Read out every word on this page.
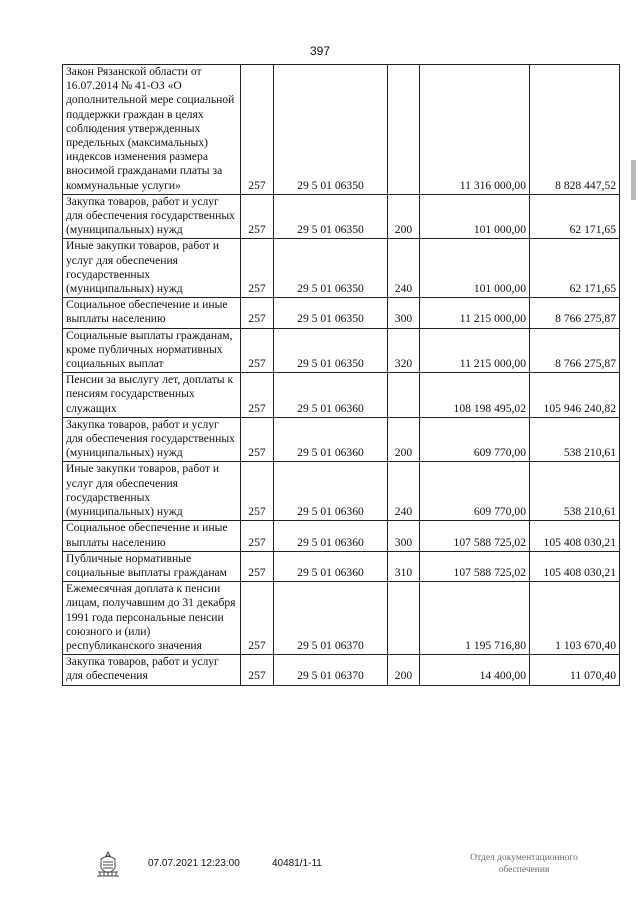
397
Закон Рязанской области от 16.07.2014 № 41-ОЗ «О дополнительной мере социальной поддержки граждан в целях соблюдения утвержденных предельных (максимальных) индексов изменения размера вносимой гражданами платы за коммунальные услуги»	257	29 5 01 06350		11 316 000,00	8 828 447,52
Закупка товаров, работ и услуг для обеспечения государственных (муниципальных) нужд	257	29 5 01 06350	200	101 000,00	62 171,65
Иные закупки товаров, работ и услуг для обеспечения государственных (муниципальных) нужд	257	29 5 01 06350	240	101 000,00	62 171,65
Социальное обеспечение и иные выплаты населению	257	29 5 01 06350	300	11 215 000,00	8 766 275,87
Социальные выплаты гражданам, кроме публичных нормативных социальных выплат	257	29 5 01 06350	320	11 215 000,00	8 766 275,87
Пенсии за выслугу лет, доплаты к пенсиям государственных служащих	257	29 5 01 06360		108 198 495,02	105 946 240,82
Закупка товаров, работ и услуг для обеспечения государственных (муниципальных) нужд	257	29 5 01 06360	200	609 770,00	538 210,61
Иные закупки товаров, работ и услуг для обеспечения государственных (муниципальных) нужд	257	29 5 01 06360	240	609 770,00	538 210,61
Социальное обеспечение и иные выплаты населению	257	29 5 01 06360	300	107 588 725,02	105 408 030,21
Публичные нормативные социальные выплаты гражданам	257	29 5 01 06360	310	107 588 725,02	105 408 030,21
Ежемесячная доплата к пенсии лицам, получавшим до 31 декабря 1991 года персональные пенсии союзного и (или) республиканского значения	257	29 5 01 06370		1 195 716,80	1 103 670,40
Закупка товаров, работ и услуг для обеспечения	257	29 5 01 06370	200	14 400,00	11 070,40
07.07.2021 12:23:00	40481/1-11	Отдел документационного
обеспечения
